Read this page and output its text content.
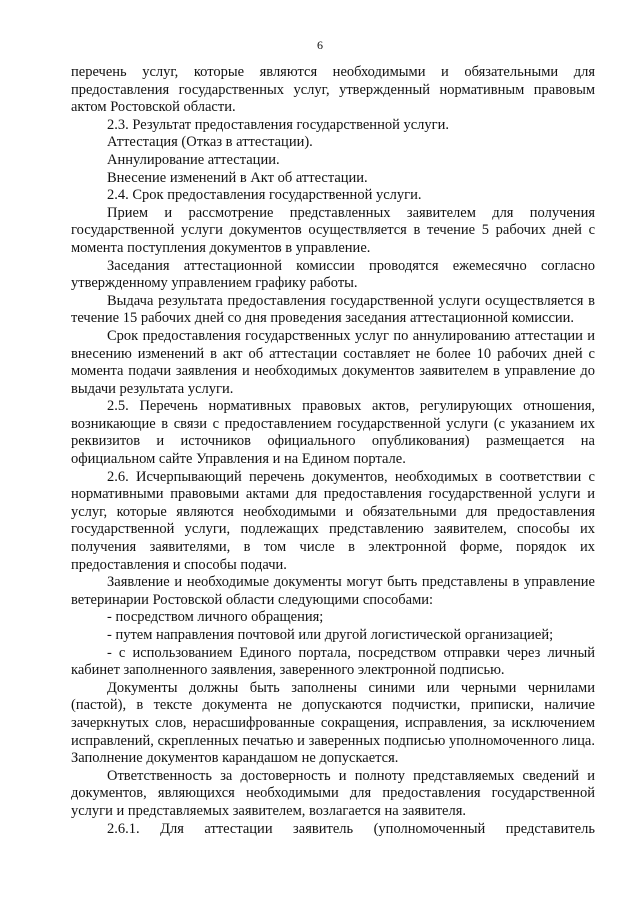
6

перечень услуг, которые являются необходимыми и обязательными для предоставления государственных услуг, утвержденный нормативным правовым актом Ростовской области.

2.3. Результат предоставления государственной услуги.

Аттестация (Отказ в аттестации).

Аннулирование аттестации.

Внесение изменений в Акт об аттестации.

2.4. Срок предоставления государственной услуги.

Прием и рассмотрение представленных заявителем для получения государственной услуги документов осуществляется в течение 5 рабочих дней с момента поступления документов в управление.

Заседания аттестационной комиссии проводятся ежемесячно согласно утвержденному управлением графику работы.

Выдача результата предоставления государственной услуги осуществляется в течение 15 рабочих дней со дня проведения заседания аттестационной комиссии.

Срок предоставления государственных услуг по аннулированию аттестации и внесению изменений в акт об аттестации составляет не более 10 рабочих дней с момента подачи заявления и необходимых документов заявителем в управление до выдачи результата услуги.

2.5. Перечень нормативных правовых актов, регулирующих отношения, возникающие в связи с предоставлением государственной услуги (с указанием их реквизитов и источников официального опубликования) размещается на официальном сайте Управления и на Едином портале.

2.6. Исчерпывающий перечень документов, необходимых в соответствии с нормативными правовыми актами для предоставления государственной услуги и услуг, которые являются необходимыми и обязательными для предоставления государственной услуги, подлежащих представлению заявителем, способы их получения заявителями, в том числе в электронной форме, порядок их предоставления и способы подачи.

Заявление и необходимые документы могут быть представлены в управление ветеринарии Ростовской области следующими способами:

- посредством личного обращения;

- путем направления почтовой или другой логистической организацией;

- с использованием Единого портала, посредством отправки через личный кабинет заполненного заявления, заверенного электронной подписью.

Документы должны быть заполнены синими или черными чернилами (пастой), в тексте документа не допускаются подчистки, приписки, наличие зачеркнутых слов, нерасшифрованные сокращения, исправления, за исключением исправлений, скрепленных печатью и заверенных подписью уполномоченного лица. Заполнение документов карандашом не допускается.

Ответственность за достоверность и полноту представляемых сведений и документов, являющихся необходимыми для предоставления государственной услуги и представляемых заявителем, возлагается на заявителя.

2.6.1. Для аттестации заявитель (уполномоченный представитель
